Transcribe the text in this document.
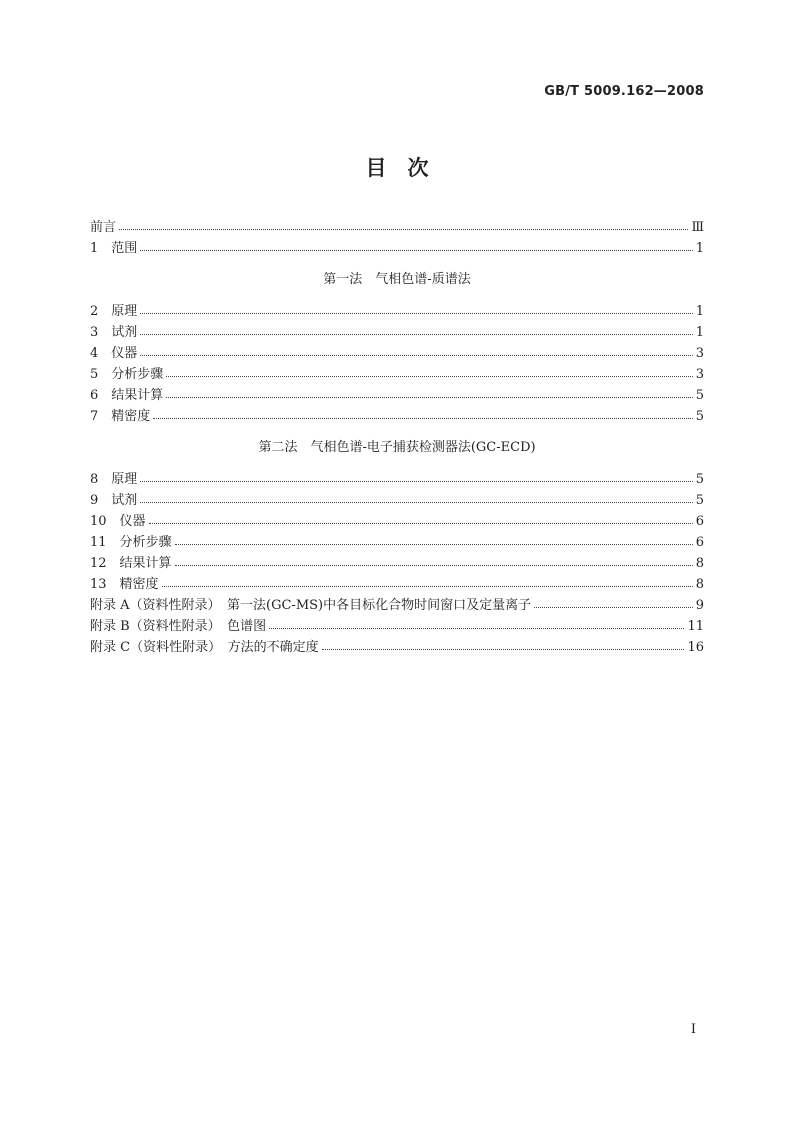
GB/T 5009.162—2008
目　次
前言	Ⅲ
1　范围	1
第一法　气相色谱-质谱法
2　原理	1
3　试剂	1
4　仪器	3
5　分析步骤	3
6　结果计算	5
7　精密度	5
第二法　气相色谱-电子捕获检测器法(GC-ECD)
8　原理	5
9　试剂	5
10　仪器	6
11　分析步骤	6
12　结果计算	8
13　精密度	8
附录 A（资料性附录）　第一法(GC-MS)中各目标化合物时间窗口及定量离子	9
附录 B（资料性附录）　色谱图	11
附录 C（资料性附录）　方法的不确定度	16
Ⅰ
